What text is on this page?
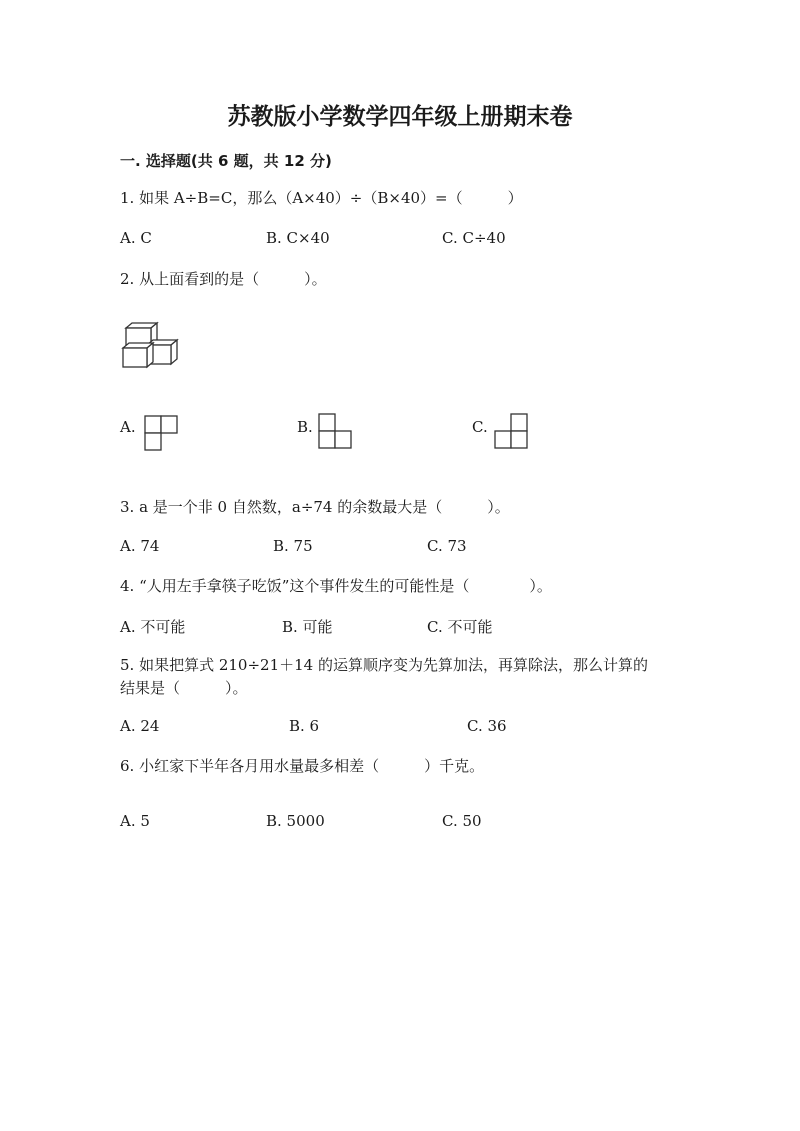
苏教版小学数学四年级上册期末卷
一. 选择题(共 6 题，共 12 分)
1. 如果 A÷B=C，那么（A×40）÷（B×40）=（　　　）
A. C	B. C×40	C. C÷40
2. 从上面看到的是（　　　）。
A.	B.	C.
3. a 是一个非 0 自然数，a÷74 的余数最大是（　　　）。
A. 74	B. 75	C. 73
4. “人用左手拿筷子吃饭”这个事件发生的可能性是（　　　　）。
A. 不可能	B. 可能	C. 不可能
5. 如果把算式 210÷21＋14 的运算顺序变为先算加法，再算除法，那么计算的
结果是（　　　）。
A. 24	B. 6	C. 36
6. 小红家下半年各月用水量最多相差（　　　）千克。
A. 5	B. 5000	C. 50
